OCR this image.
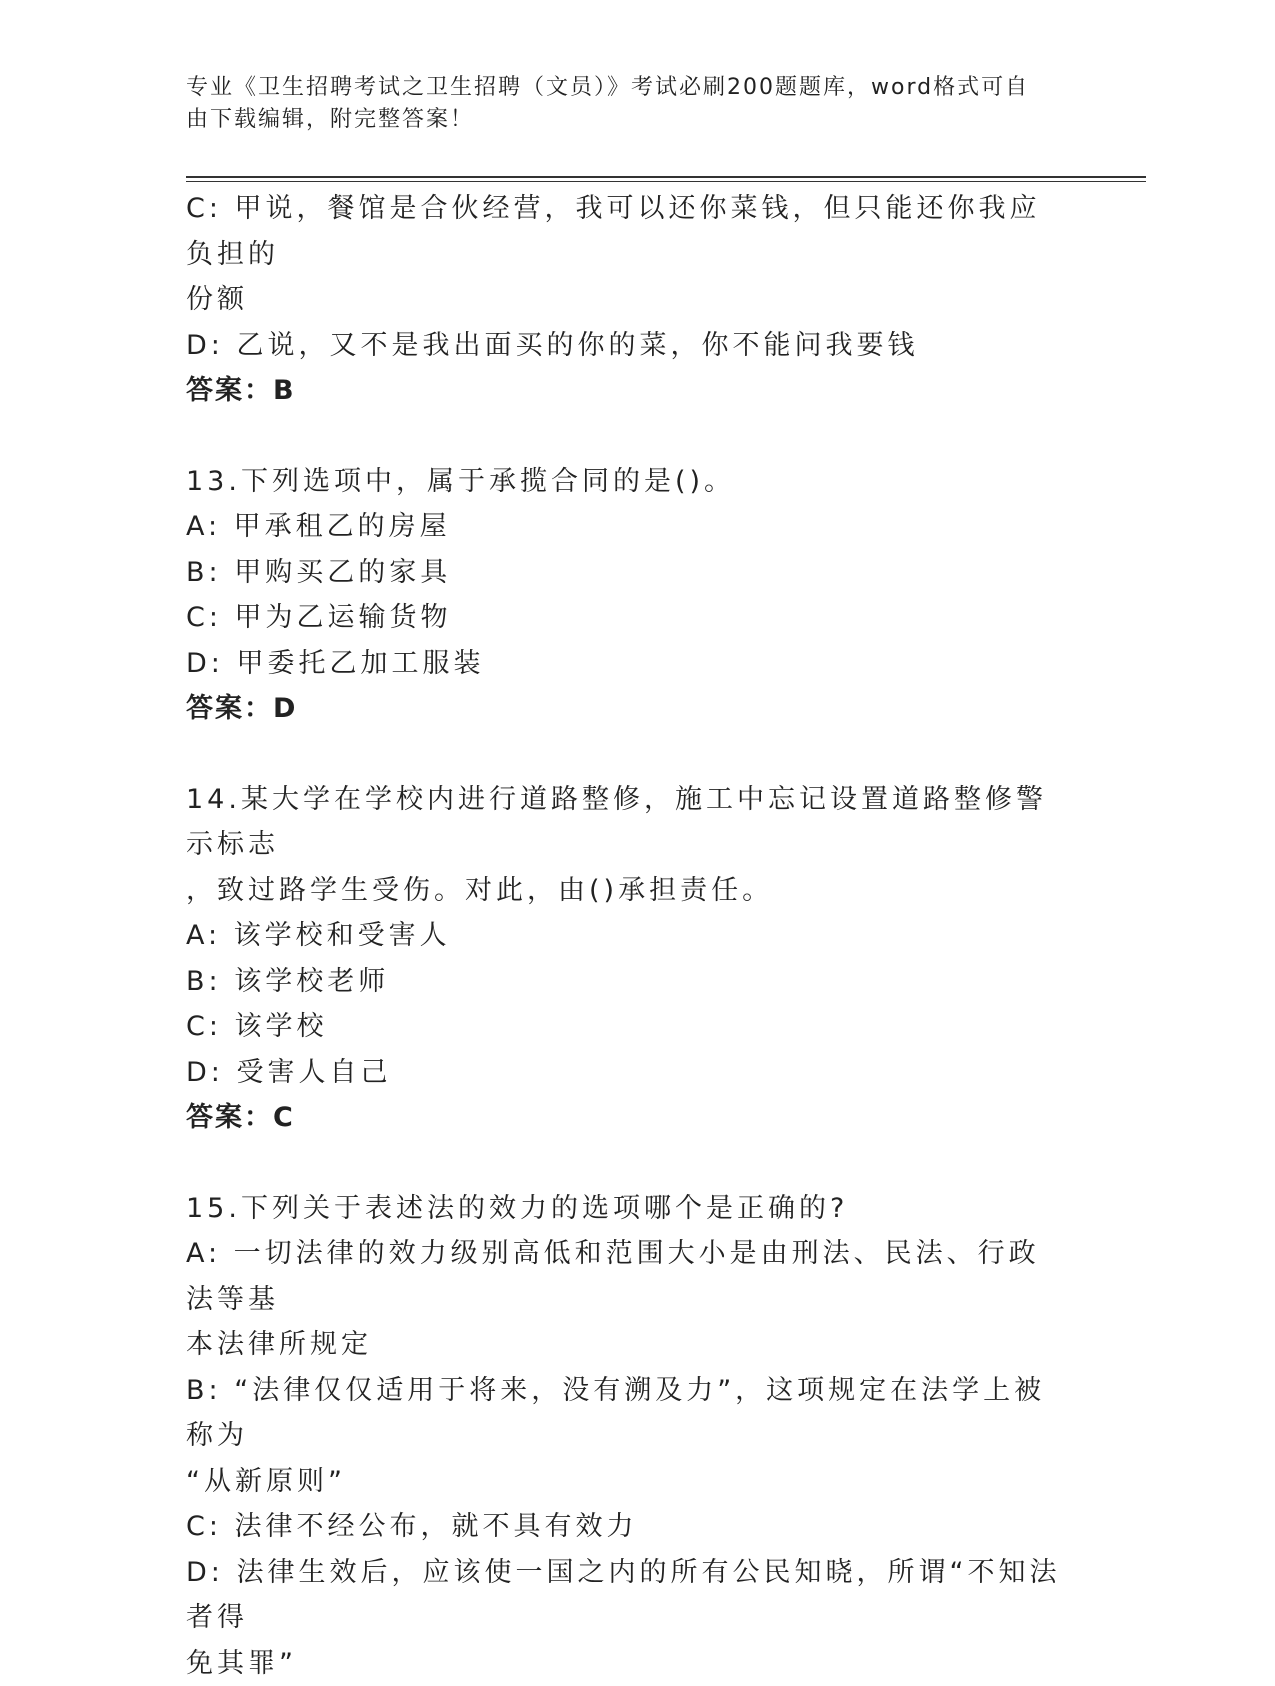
专业《卫生招聘考试之卫生招聘（文员）》考试必刷200题题库，word格式可自
由下载编辑，附完整答案！

C: 甲说，餐馆是合伙经营，我可以还你菜钱，但只能还你我应负担的

份额

D: 乙说，又不是我出面买的你的菜，你不能问我要钱

答案：B

13.下列选项中，属于承揽合同的是()。

A: 甲承租乙的房屋

B: 甲购买乙的家具

C: 甲为乙运输货物

D: 甲委托乙加工服装

答案：D

14.某大学在学校内进行道路整修，施工中忘记设置道路整修警示标志

，致过路学生受伤。对此，由()承担责任。

A: 该学校和受害人

B: 该学校老师

C: 该学校

D: 受害人自己

答案：C

15.下列关于表述法的效力的选项哪个是正确的?

A: 一切法律的效力级别高低和范围大小是由刑法、民法、行政法等基

本法律所规定

B: “法律仅仅适用于将来，没有溯及力”，这项规定在法学上被称为

“从新原则”

C: 法律不经公布，就不具有效力

D: 法律生效后，应该使一国之内的所有公民知晓，所谓“不知法者得

免其罪”
